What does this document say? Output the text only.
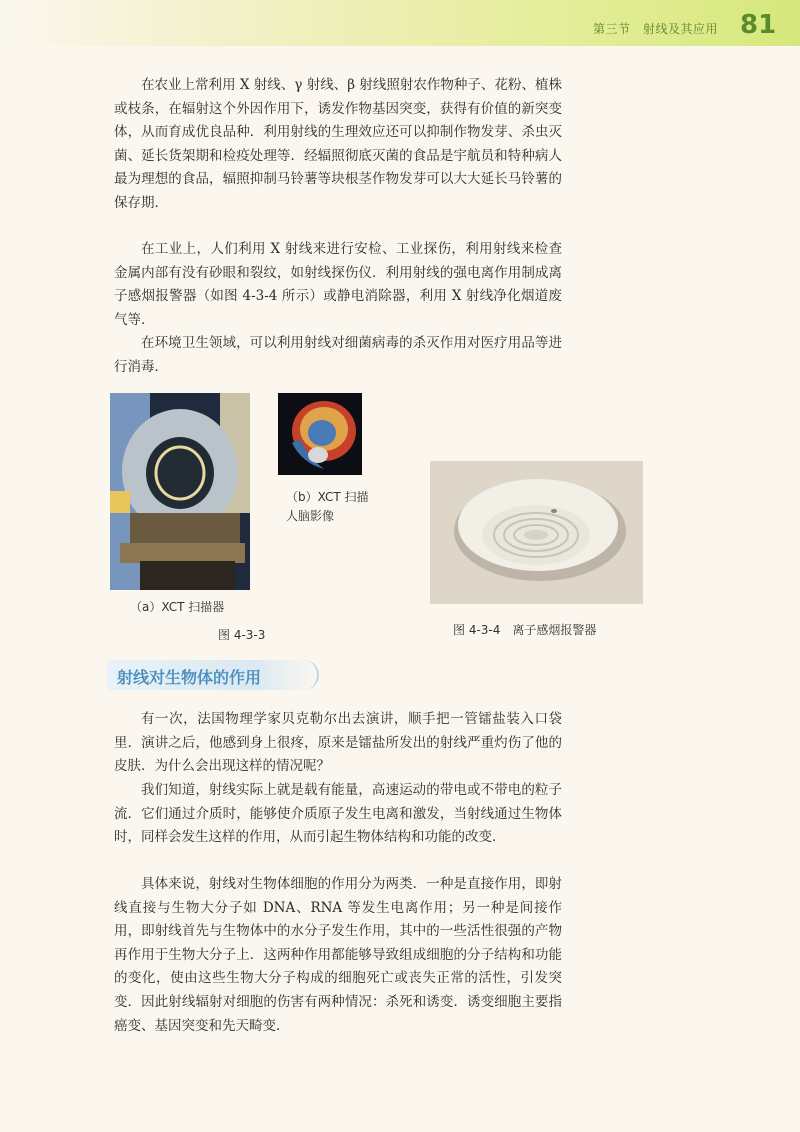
第三节　射线及其应用 81

在农业上常利用 X 射线、γ 射线、β 射线照射农作物种子、花粉、植株或枝条，在辐射这个外因作用下，诱发作物基因突变，获得有价值的新突变体，从而育成优良品种．利用射线的生理效应还可以抑制作物发芽、杀虫灭菌、延长货架期和检疫处理等．经辐照彻底灭菌的食品是宇航员和特种病人最为理想的食品，辐照抑制马铃薯等块根茎作物发芽可以大大延长马铃薯的保存期．

在工业上，人们利用 X 射线来进行安检、工业探伤，利用射线来检查金属内部有没有砂眼和裂纹，如射线探伤仪．利用射线的强电离作用制成离子感烟报警器（如图 4-3-4 所示）或静电消除器，利用 X 射线净化烟道废气等．

在环境卫生领域，可以利用射线对细菌病毒的杀灭作用对医疗用品等进行消毒．

（b）XCT 扫描
人脑影像
（a）XCT 扫描器
图 4-3-3	图 4-3-4　离子感烟报警器
射线对生物体的作用

有一次，法国物理学家贝克勒尔出去演讲，顺手把一管镭盐装入口袋里．演讲之后，他感到身上很疼，原来是镭盐所发出的射线严重灼伤了他的皮肤．为什么会出现这样的情况呢？

我们知道，射线实际上就是载有能量，高速运动的带电或不带电的粒子流．它们通过介质时，能够使介质原子发生电离和激发，当射线通过生物体时，同样会发生这样的作用，从而引起生物体结构和功能的改变．

具体来说，射线对生物体细胞的作用分为两类．一种是直接作用，即射线直接与生物大分子如 DNA、RNA 等发生电离作用；另一种是间接作用，即射线首先与生物体中的水分子发生作用，其中的一些活性很强的产物再作用于生物大分子上．这两种作用都能够导致组成细胞的分子结构和功能的变化，使由这些生物大分子构成的细胞死亡或丧失正常的活性，引发突变．因此射线辐射对细胞的伤害有两种情况：杀死和诱变．诱变细胞主要指癌变、基因突变和先天畸变．
